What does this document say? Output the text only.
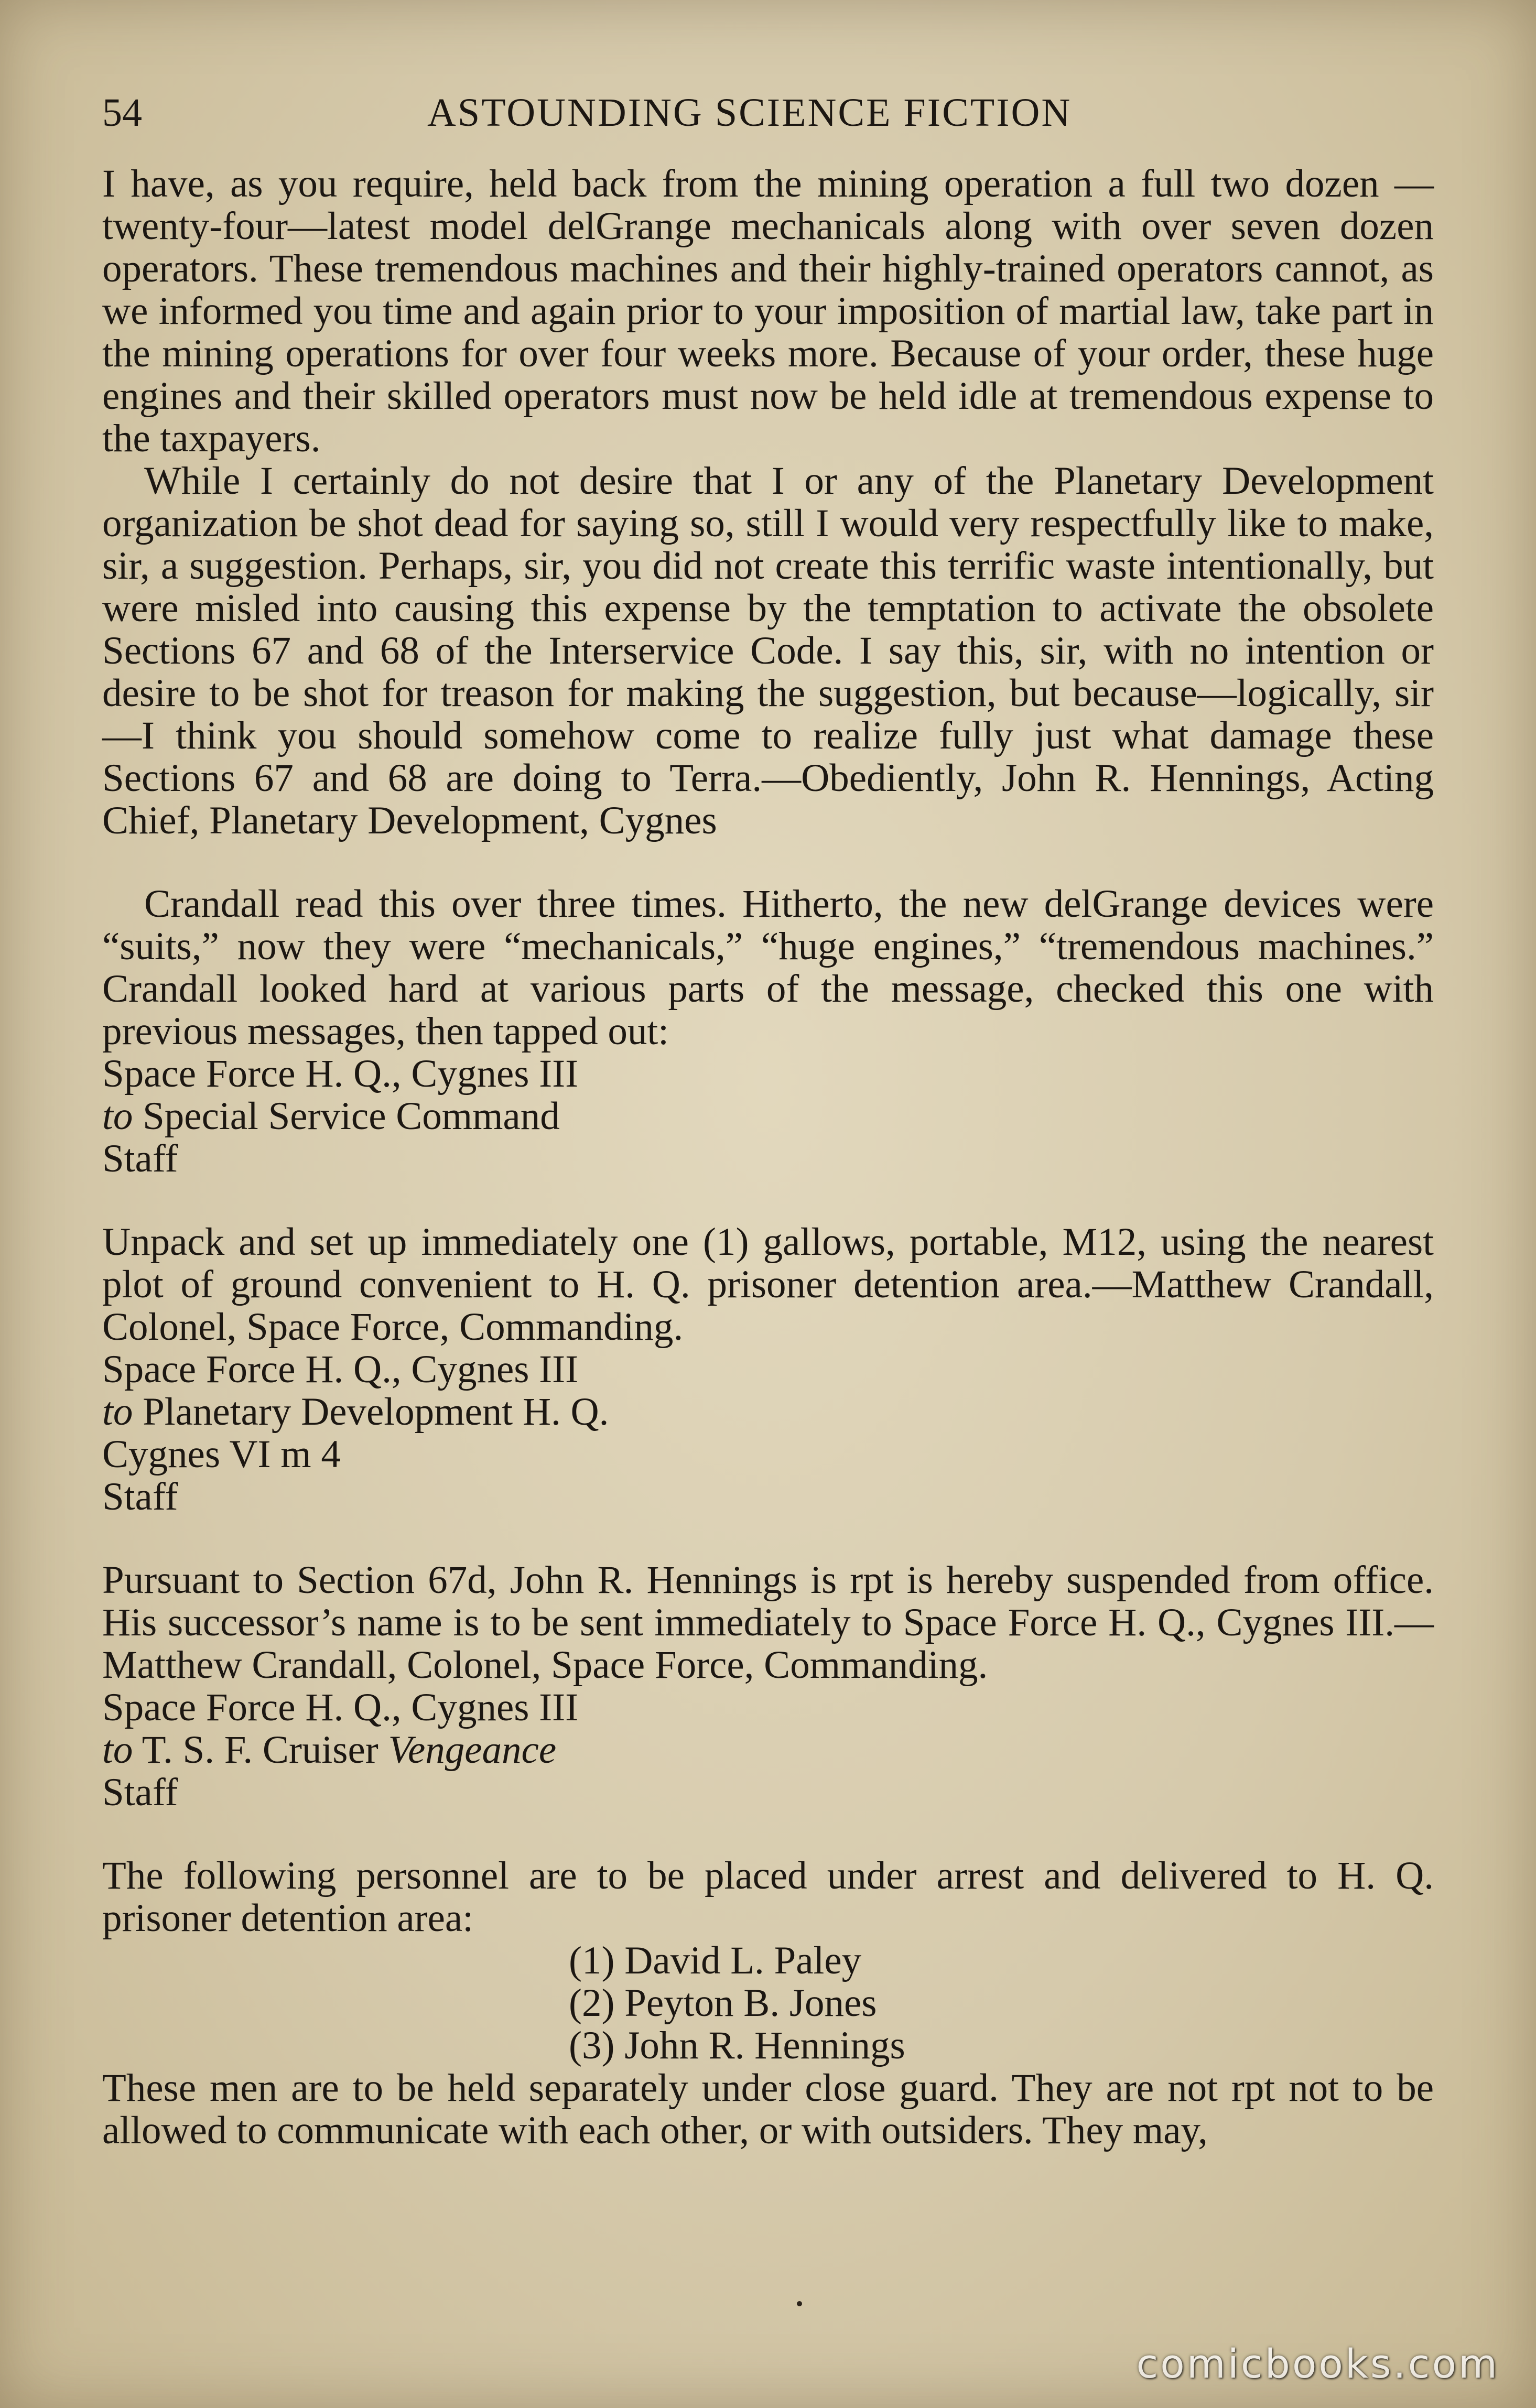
54	ASTOUNDING SCIENCE FICTION

I have, as you require, held back from the mining operation a full two dozen —twenty-four—latest model delGrange mechanicals along with over seven dozen operators. These tremendous machines and their highly-trained operators cannot, as we informed you time and again prior to your imposition of martial law, take part in the mining operations for over four weeks more. Because of your order, these huge engines and their skilled operators must now be held idle at tremendous expense to the taxpayers.

While I certainly do not desire that I or any of the Planetary Development organization be shot dead for saying so, still I would very respectfully like to make, sir, a suggestion. Perhaps, sir, you did not create this terrific waste intentionally, but were misled into causing this expense by the temptation to activate the obsolete Sections 67 and 68 of the Interservice Code. I say this, sir, with no intention or desire to be shot for treason for making the suggestion, but because—logically, sir—I think you should somehow come to realize fully just what damage these Sections 67 and 68 are doing to Terra.—Obediently, John R. Hennings, Acting Chief, Planetary Development, Cygnes

Crandall read this over three times. Hitherto, the new delGrange devices were “suits,” now they were “mechanicals,” “huge engines,” “tremendous machines.” Crandall looked hard at various parts of the message, checked this one with previous messages, then tapped out:

Space Force H. Q., Cygnes III

to Special Service Command

Staff

Unpack and set up immediately one (1) gallows, portable, M12, using the nearest plot of ground convenient to H. Q. prisoner detention area.—Matthew Crandall, Colonel, Space Force, Commanding.

Space Force H. Q., Cygnes III

to Planetary Development H. Q.

Cygnes VI m 4

Staff

Pursuant to Section 67d, John R. Hennings is rpt is hereby suspended from office. His successor’s name is to be sent immediately to Space Force H. Q., Cygnes III.—Matthew Crandall, Colonel, Space Force, Commanding.

Space Force H. Q., Cygnes III

to T. S. F. Cruiser Vengeance

Staff

The following personnel are to be placed under arrest and delivered to H. Q. prisoner detention area:

(1) David L. Paley

(2) Peyton B. Jones

(3) John R. Hennings

These men are to be held separately under close guard. They are not rpt not to be allowed to communicate with each other, or with outsiders. They may,

comicbooks.com
